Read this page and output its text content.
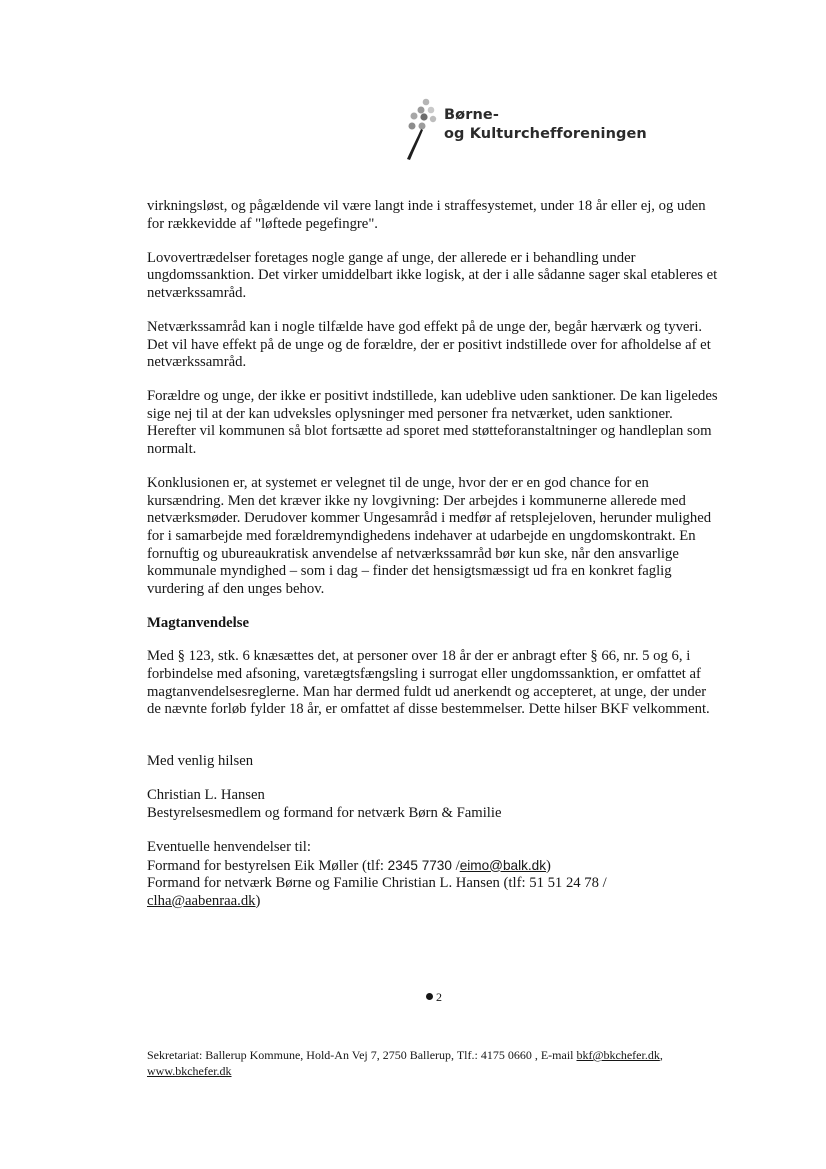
Børne-
og Kulturchefforeningen

virkningsløst, og pågældende vil være langt inde i straffesystemet, under 18 år eller ej, og uden for rækkevidde af "løftede pegefingre".

Lovovertrædelser foretages nogle gange af unge, der allerede er i behandling under ungdomssanktion. Det virker umiddelbart ikke logisk, at der i alle sådanne sager skal etableres et netværkssamråd.

Netværkssamråd kan i nogle tilfælde have god effekt på de unge der, begår hærværk og tyveri. Det vil have effekt på de unge og de forældre, der er positivt indstillede over for afholdelse af et netværkssamråd.

Forældre og unge, der ikke er positivt indstillede, kan udeblive uden sanktioner. De kan ligeledes sige nej til at der kan udveksles oplysninger med personer fra netværket, uden sanktioner. Herefter vil kommunen så blot fortsætte ad sporet med støtteforanstaltninger og handleplan som normalt.

Konklusionen er, at systemet er velegnet til de unge, hvor der er en god chance for en kursændring. Men det kræver ikke ny lovgivning: Der arbejdes i kommunerne allerede med netværksmøder. Derudover kommer Ungesamråd i medfør af retsplejeloven, herunder mulighed for i samarbejde med forældremyndighedens indehaver at udarbejde en ungdomskontrakt. En fornuftig og ubureaukratisk anvendelse af netværkssamråd bør kun ske, når den ansvarlige kommunale myndighed – som i dag – finder det hensigtsmæssigt ud fra en konkret faglig vurdering af den unges behov.

Magtanvendelse

Med § 123, stk. 6 knæsættes det, at personer over 18 år der er anbragt efter § 66, nr. 5 og 6, i forbindelse med afsoning, varetægtsfængsling i surrogat eller ungdomssanktion, er omfattet af magtanvendelsesreglerne. Man har dermed fuldt ud anerkendt og accepteret, at unge, der under de nævnte forløb fylder 18 år, er omfattet af disse bestemmelser. Dette hilser BKF velkomment.

Med venlig hilsen

Christian L. Hansen
Bestyrelsesmedlem og formand for netværk Børn & Familie

Eventuelle henvendelser til:
Formand for bestyrelsen Eik Møller (tlf: 2345 7730 /eimo@balk.dk)
Formand for netværk Børne og Familie Christian L. Hansen (tlf: 51 51 24 78 / clha@aabenraa.dk)

2
Sekretariat: Ballerup Kommune, Hold-An Vej 7, 2750 Ballerup, Tlf.: 4175 0660 , E-mail bkf@bkchefer.dk,
www.bkchefer.dk
